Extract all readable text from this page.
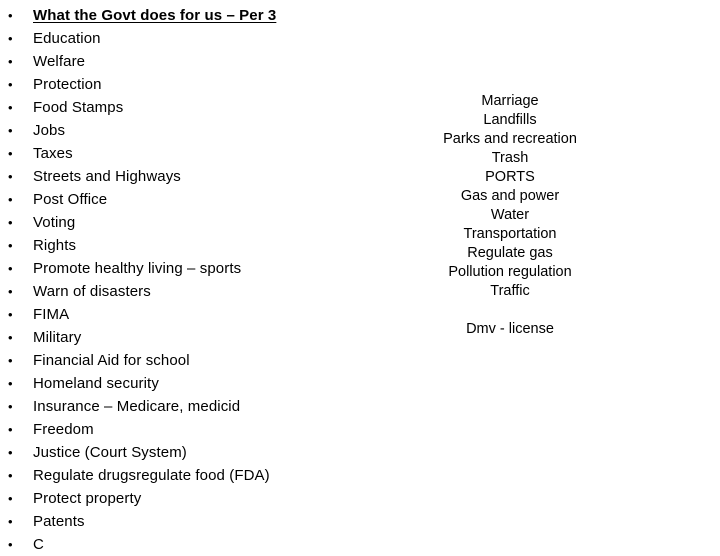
•	What the Govt does for us – Per 3
•	Education
•	Welfare
•	Protection
•	Food Stamps
•	Jobs
•	Taxes
•	Streets and Highways
•	Post Office
•	Voting
•	Rights
•	Promote healthy living – sports
•	Warn of disasters
•	FIMA
•	Military
•	Financial Aid for school
•	Homeland security
•	Insurance – Medicare, medicid
•	Freedom
•	Justice (Court System)
•	Regulate drugsregulate food (FDA)
•	Protect property
•	Patents
•	C
Marriage
Landfills
Parks and recreation
Trash
PORTS
Gas and power
Water
Transportation
Regulate gas
Pollution regulation
Traffic
Dmv - license
